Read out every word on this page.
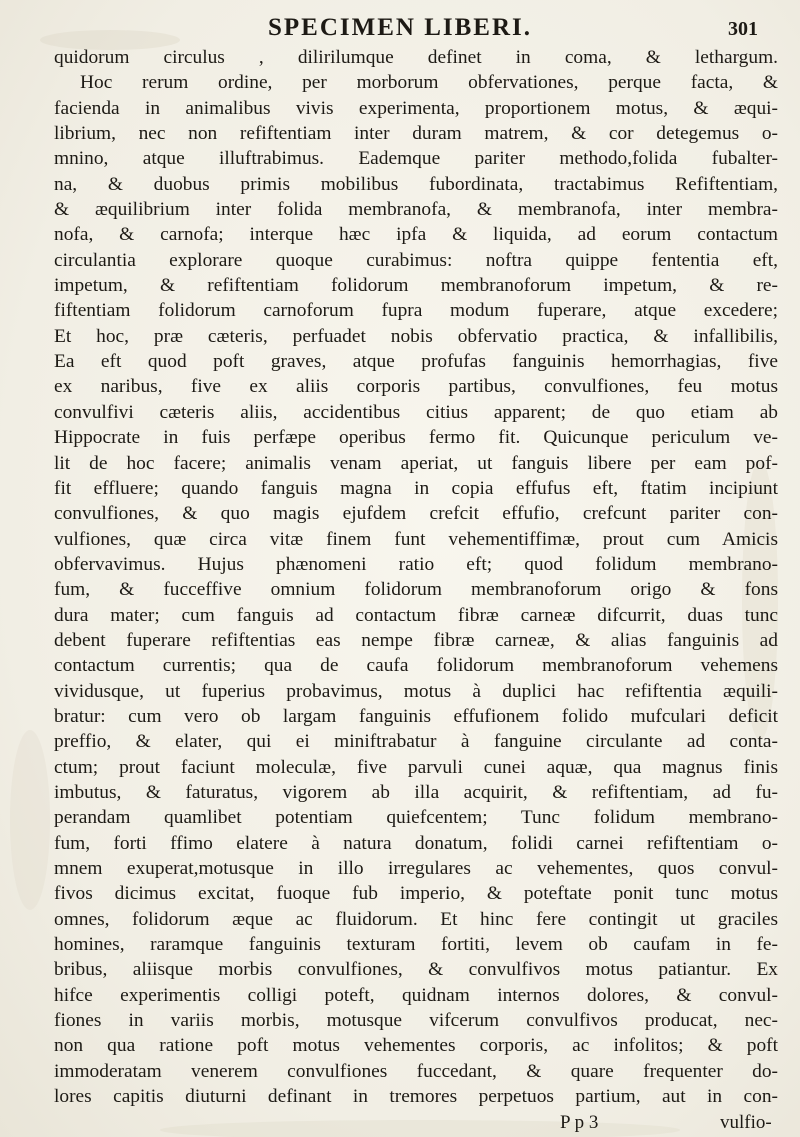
SPECIMEN LIBERI.	301
quidorum circulus , dilirilumque definet in coma, & lethargum.
Hoc rerum ordine, per morborum obfervationes, perque facta, &
facienda in animalibus vivis experimenta, proportionem motus, & æqui-
librium, nec non refiftentiam inter duram matrem, & cor detegemus o-
mnino, atque illuftrabimus. Eademque pariter methodo,folida fubalter-
na, & duobus primis mobilibus fubordinata, tractabimus Refiftentiam,
& æquilibrium inter folida membranofa, & membranofa, inter membra-
nofa, & carnofa; interque hæc ipfa & liquida, ad eorum contactum
circulantia explorare quoque curabimus: noftra quippe fententia eft,
impetum, & refiftentiam folidorum membranoforum impetum, & re-
fiftentiam folidorum carnoforum fupra modum fuperare, atque excedere;
Et hoc, præ cæteris, perfuadet nobis obfervatio practica, & infallibilis,
Ea eft quod poft graves, atque profufas fanguinis hemorrhagias, five
ex naribus, five ex aliis corporis partibus, convulfiones, feu motus
convulfivi cæteris aliis, accidentibus citius apparent; de quo etiam ab
Hippocrate in fuis perfæpe operibus fermo fit. Quicunque periculum ve-
lit de hoc facere; animalis venam aperiat, ut fanguis libere per eam pof-
fit effluere; quando fanguis magna in copia effufus eft, ftatim incipiunt
convulfiones, & quo magis ejufdem crefcit effufio, crefcunt pariter con-
vulfiones, quæ circa vitæ finem funt vehementiffimæ, prout cum Amicis
obfervavimus. Hujus phænomeni ratio eft; quod folidum membrano-
fum, & fucceffive omnium folidorum membranoforum origo & fons
dura mater; cum fanguis ad contactum fibræ carneæ difcurrit, duas tunc
debent fuperare refiftentias eas nempe fibræ carneæ, & alias fanguinis ad
contactum currentis; qua de caufa folidorum membranoforum vehemens
vividusque, ut fuperius probavimus, motus à duplici hac refiftentia æquili-
bratur: cum vero ob largam fanguinis effufionem folido mufculari deficit
preffio, & elater, qui ei miniftrabatur à fanguine circulante ad conta-
ctum; prout faciunt moleculæ, five parvuli cunei aquæ, qua magnus finis
imbutus, & faturatus, vigorem ab illa acquirit, & refiftentiam, ad fu-
perandam quamlibet potentiam quiefcentem; Tunc folidum membrano-
fum, forti ffimo elatere à natura donatum, folidi carnei refiftentiam o-
mnem exuperat,motusque in illo irregulares ac vehementes, quos convul-
fivos dicimus excitat, fuoque fub imperio, & poteftate ponit tunc motus
omnes, folidorum æque ac fluidorum. Et hinc fere contingit ut graciles
homines, raramque fanguinis texturam fortiti, levem ob caufam in fe-
bribus, aliisque morbis convulfiones, & convulfivos motus patiantur. Ex
hifce experimentis colligi poteft, quidnam internos dolores, & convul-
fiones in variis morbis, motusque vifcerum convulfivos producat, nec-
non qua ratione poft motus vehementes corporis, ac infolitos; & poft
immoderatam venerem convulfiones fuccedant, & quare frequenter do-
lores capitis diuturni definant in tremores perpetuos partium, aut in con-
P p 3	vulfio-
